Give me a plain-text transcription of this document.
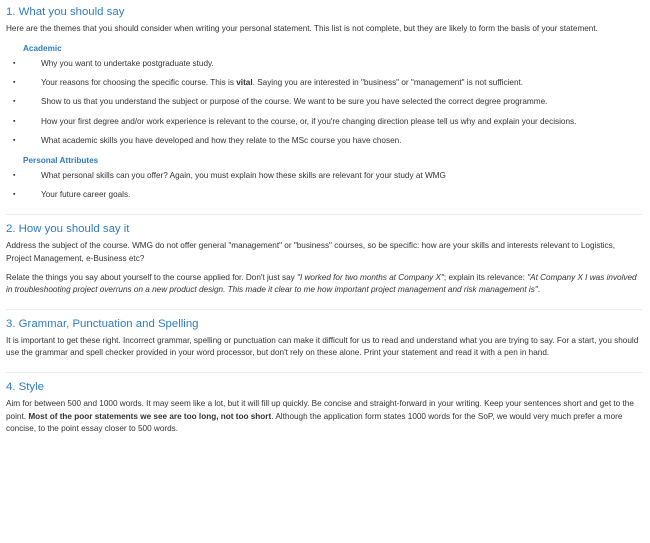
1. What you should say

Here are the themes that you should consider when writing your personal statement. This list is not complete, but they are likely to form the basis of your statement.

Academic
▪	Why you want to undertake postgraduate study.
▪	Your reasons for choosing the specific course. This is vital. Saying you are interested in "business" or "management" is not sufficient.
▪	Show to us that you understand the subject or purpose of the course. We want to be sure you have selected the correct degree programme.
▪	How your first degree and/or work experience is relevant to the course, or, if you're changing direction please tell us why and explain your decisions.
▪	What academic skills you have developed and how they relate to the MSc course you have chosen.
Personal Attributes
▪	What personal skills can you offer? Again, you must explain how these skills are relevant for your study at WMG
▪	Your future career goals.
2. How you should say it

Address the subject of the course. WMG do not offer general "management" or "business" courses, so be specific: how are your skills and interests relevant to Logistics, Project Management, e-Business etc?

Relate the things you say about yourself to the course applied for. Don't just say "I worked for two months at Company X"; explain its relevance: "At Company X I was involved in troubleshooting project overruns on a new product design. This made it clear to me how important project management and risk management is".

3. Grammar, Punctuation and Spelling

It is important to get these right. Incorrect grammar, spelling or punctuation can make it difficult for us to read and understand what you are trying to say. For a start, you should use the grammar and spell checker provided in your word processor, but don't rely on these alone. Print your statement and read it with a pen in hand.

4. Style

Aim for between 500 and 1000 words. It may seem like a lot, but it will fill up quickly. Be concise and straight-forward in your writing. Keep your sentences short and get to the point. Most of the poor statements we see are too long, not too short. Although the application form states 1000 words for the SoP, we would very much prefer a more concise, to the point essay closer to 500 words.
